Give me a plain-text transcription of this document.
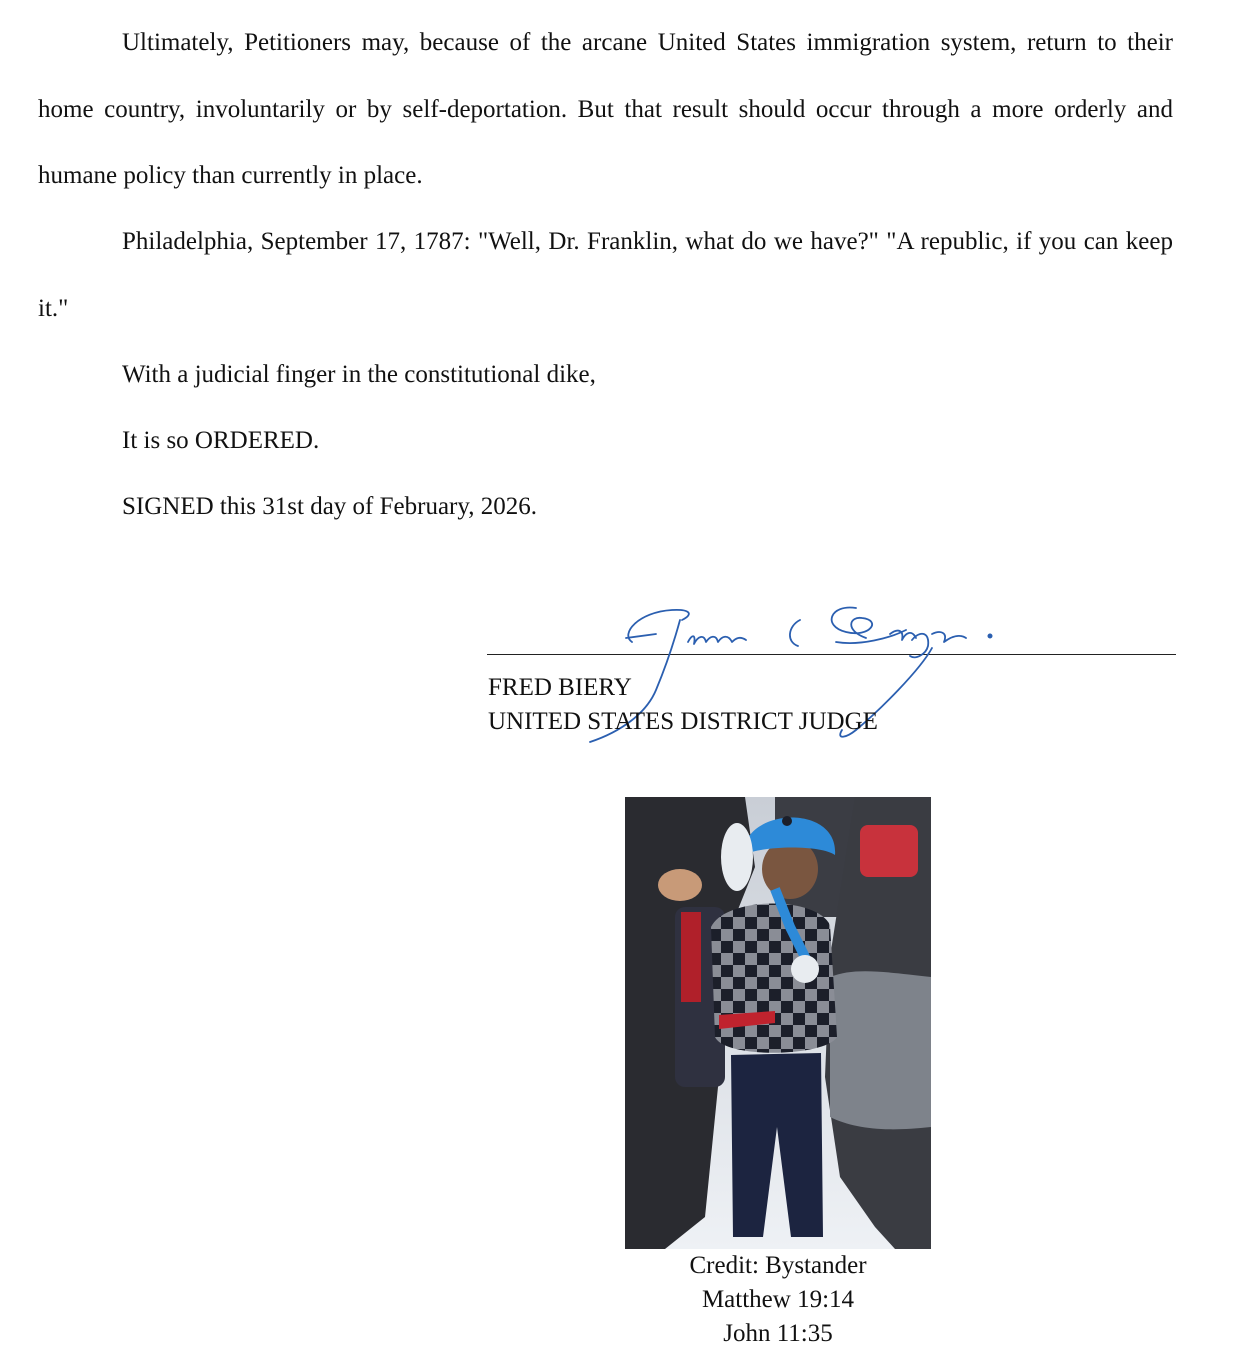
Ultimately, Petitioners may, because of the arcane United States immigration system, return to their home country, involuntarily or by self-deportation. But that result should occur through a more orderly and humane policy than currently in place.

Philadelphia, September 17, 1787: "Well, Dr. Franklin, what do we have?" "A republic, if you can keep it."

With a judicial finger in the constitutional dike,

It is so ORDERED.

SIGNED this 31st day of February, 2026.

FRED BIERY

UNITED STATES DISTRICT JUDGE

Credit: Bystander

Matthew 19:14

John 11:35
